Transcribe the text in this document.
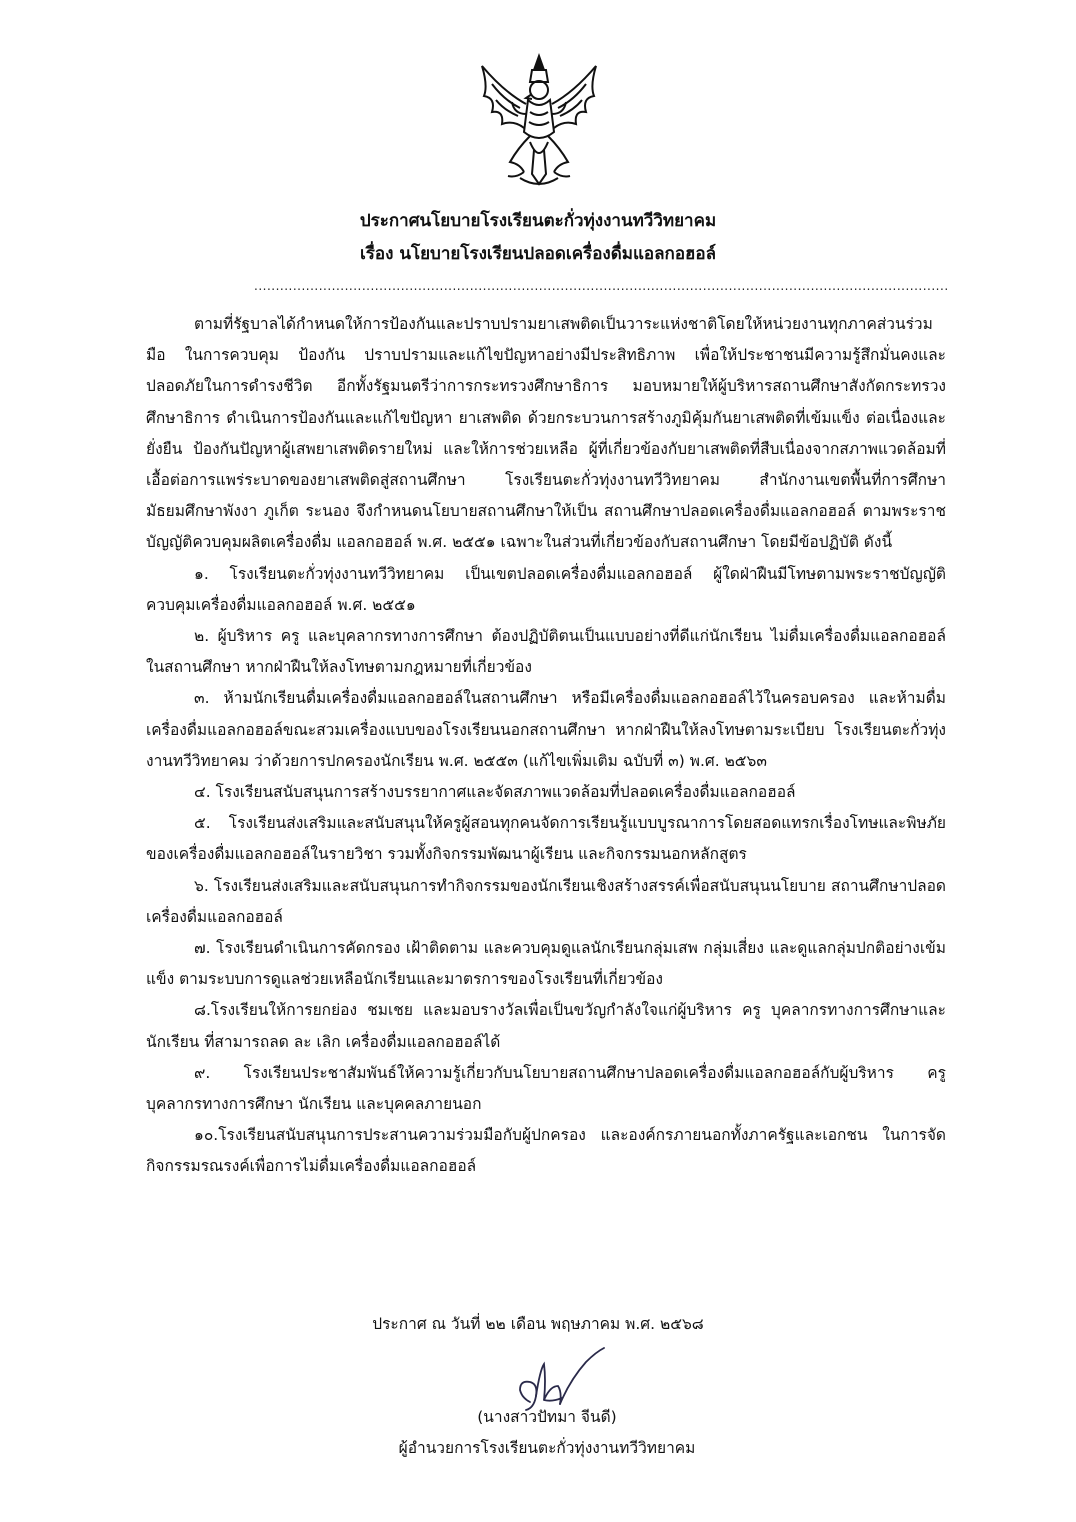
ประกาศนโยบายโรงเรียนตะกั่วทุ่งงานทวีวิทยาคม
เรื่อง นโยบายโรงเรียนปลอดเครื่องดื่มแอลกอฮอล์
.................................................................................................................................................................

ตามที่รัฐบาลได้กำหนดให้การป้องกันและปราบปรามยาเสพติดเป็นวาระแห่งชาติโดยให้หน่วยงานทุกภาคส่วนร่วมมือ ในการควบคุม ป้องกัน ปราบปรามและแก้ไขปัญหาอย่างมีประสิทธิภาพ เพื่อให้ประชาชนมีความรู้สึกมั่นคงและปลอดภัยในการดำรงชีวิต อีกทั้งรัฐมนตรีว่าการกระทรวงศึกษาธิการ มอบหมายให้ผู้บริหารสถานศึกษาสังกัดกระทรวงศึกษาธิการ ดำเนินการป้องกันและแก้ไขปัญหา ยาเสพติด ด้วยกระบวนการสร้างภูมิคุ้มกันยาเสพติดที่เข้มแข็ง ต่อเนื่องและยั่งยืน ป้องกันปัญหาผู้เสพยาเสพติดรายใหม่ และให้การช่วยเหลือ ผู้ที่เกี่ยวข้องกับยาเสพติดที่สืบเนื่องจากสภาพแวดล้อมที่เอื้อต่อการแพร่ระบาดของยาเสพติดสู่สถานศึกษา โรงเรียนตะกั่วทุ่งงานทวีวิทยาคม สำนักงานเขตพื้นที่การศึกษามัธยมศึกษาพังงา ภูเก็ต ระนอง จึงกำหนดนโยบายสถานศึกษาให้เป็น สถานศึกษาปลอดเครื่องดื่มแอลกอฮอล์ ตามพระราชบัญญัติควบคุมผลิตเครื่องดื่ม แอลกอฮอล์ พ.ศ. ๒๕๕๑ เฉพาะในส่วนที่เกี่ยวข้องกับสถานศึกษา โดยมีข้อปฏิบัติ ดังนี้

๑. โรงเรียนตะกั่วทุ่งงานทวีวิทยาคม เป็นเขตปลอดเครื่องดื่มแอลกอฮอล์ ผู้ใดฝ่าฝืนมีโทษตามพระราชบัญญัติควบคุมเครื่องดื่มแอลกอฮอล์ พ.ศ. ๒๕๕๑

๒. ผู้บริหาร ครู และบุคลากรทางการศึกษา ต้องปฏิบัติตนเป็นแบบอย่างที่ดีแก่นักเรียน ไม่ดื่มเครื่องดื่มแอลกอฮอล์ในสถานศึกษา หากฝ่าฝืนให้ลงโทษตามกฎหมายที่เกี่ยวข้อง

๓. ห้ามนักเรียนดื่มเครื่องดื่มแอลกอฮอล์ในสถานศึกษา หรือมีเครื่องดื่มแอลกอฮอล์ไว้ในครอบครอง และห้ามดื่มเครื่องดื่มแอลกอฮอล์ขณะสวมเครื่องแบบของโรงเรียนนอกสถานศึกษา หากฝ่าฝืนให้ลงโทษตามระเบียบ โรงเรียนตะกั่วทุ่งงานทวีวิทยาคม ว่าด้วยการปกครองนักเรียน พ.ศ. ๒๕๕๓ (แก้ไขเพิ่มเติม ฉบับที่ ๓) พ.ศ. ๒๕๖๓

๔. โรงเรียนสนับสนุนการสร้างบรรยากาศและจัดสภาพแวดล้อมที่ปลอดเครื่องดื่มแอลกอฮอล์

๕. โรงเรียนส่งเสริมและสนับสนุนให้ครูผู้สอนทุกคนจัดการเรียนรู้แบบบูรณาการโดยสอดแทรกเรื่องโทษและพิษภัยของเครื่องดื่มแอลกอฮอล์ในรายวิชา รวมทั้งกิจกรรมพัฒนาผู้เรียน และกิจกรรมนอกหลักสูตร

๖. โรงเรียนส่งเสริมและสนับสนุนการทำกิจกรรมของนักเรียนเชิงสร้างสรรค์เพื่อสนับสนุนนโยบาย สถานศึกษาปลอดเครื่องดื่มแอลกอฮอล์

๗. โรงเรียนดำเนินการคัดกรอง เฝ้าติดตาม และควบคุมดูแลนักเรียนกลุ่มเสพ กลุ่มเสี่ยง และดูแลกลุ่มปกติอย่างเข้มแข็ง ตามระบบการดูแลช่วยเหลือนักเรียนและมาตรการของโรงเรียนที่เกี่ยวข้อง

๘.โรงเรียนให้การยกย่อง ชมเชย และมอบรางวัลเพื่อเป็นขวัญกำลังใจแก่ผู้บริหาร ครู บุคลากรทางการศึกษาและนักเรียน ที่สามารถลด ละ เลิก เครื่องดื่มแอลกอฮอล์ได้

๙. โรงเรียนประชาสัมพันธ์ให้ความรู้เกี่ยวกับนโยบายสถานศึกษาปลอดเครื่องดื่มแอลกอฮอล์กับผู้บริหาร ครู บุคลากรทางการศึกษา นักเรียน และบุคคลภายนอก

๑๐.โรงเรียนสนับสนุนการประสานความร่วมมือกับผู้ปกครอง และองค์กรภายนอกทั้งภาครัฐและเอกชน ในการจัดกิจกรรมรณรงค์เพื่อการไม่ดื่มเครื่องดื่มแอลกอฮอล์

ประกาศ ณ วันที่ ๒๒ เดือน พฤษภาคม พ.ศ. ๒๕๖๘
(นางสาวปัทมา จีนดี)
ผู้อำนวยการโรงเรียนตะกั่วทุ่งงานทวีวิทยาคม
